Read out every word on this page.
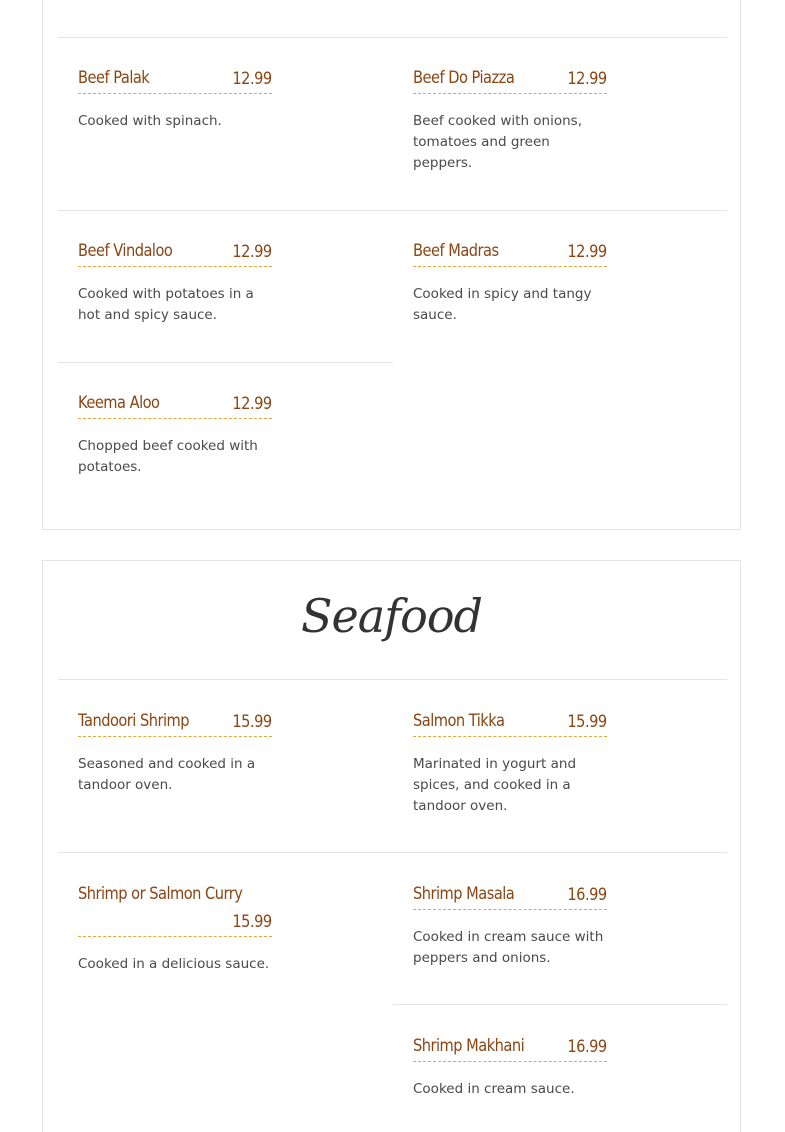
Beef Palak	12.99
Cooked with spinach.
Beef Do Piazza	12.99
Beef cooked with onions, tomatoes and green peppers.
Beef Vindaloo	12.99
Cooked with potatoes in a hot and spicy sauce.
Beef Madras	12.99
Cooked in spicy and tangy sauce.
Keema Aloo	12.99
Chopped beef cooked with potatoes.
Seafood
Tandoori Shrimp	15.99
Seasoned and cooked in a tandoor oven.
Salmon Tikka	15.99
Marinated in yogurt and spices, and cooked in a tandoor oven.
Shrimp or Salmon Curry
15.99
Cooked in a delicious sauce.
Shrimp Masala	16.99
Cooked in cream sauce with peppers and onions.
Shrimp Makhani	16.99
Cooked in cream sauce.
